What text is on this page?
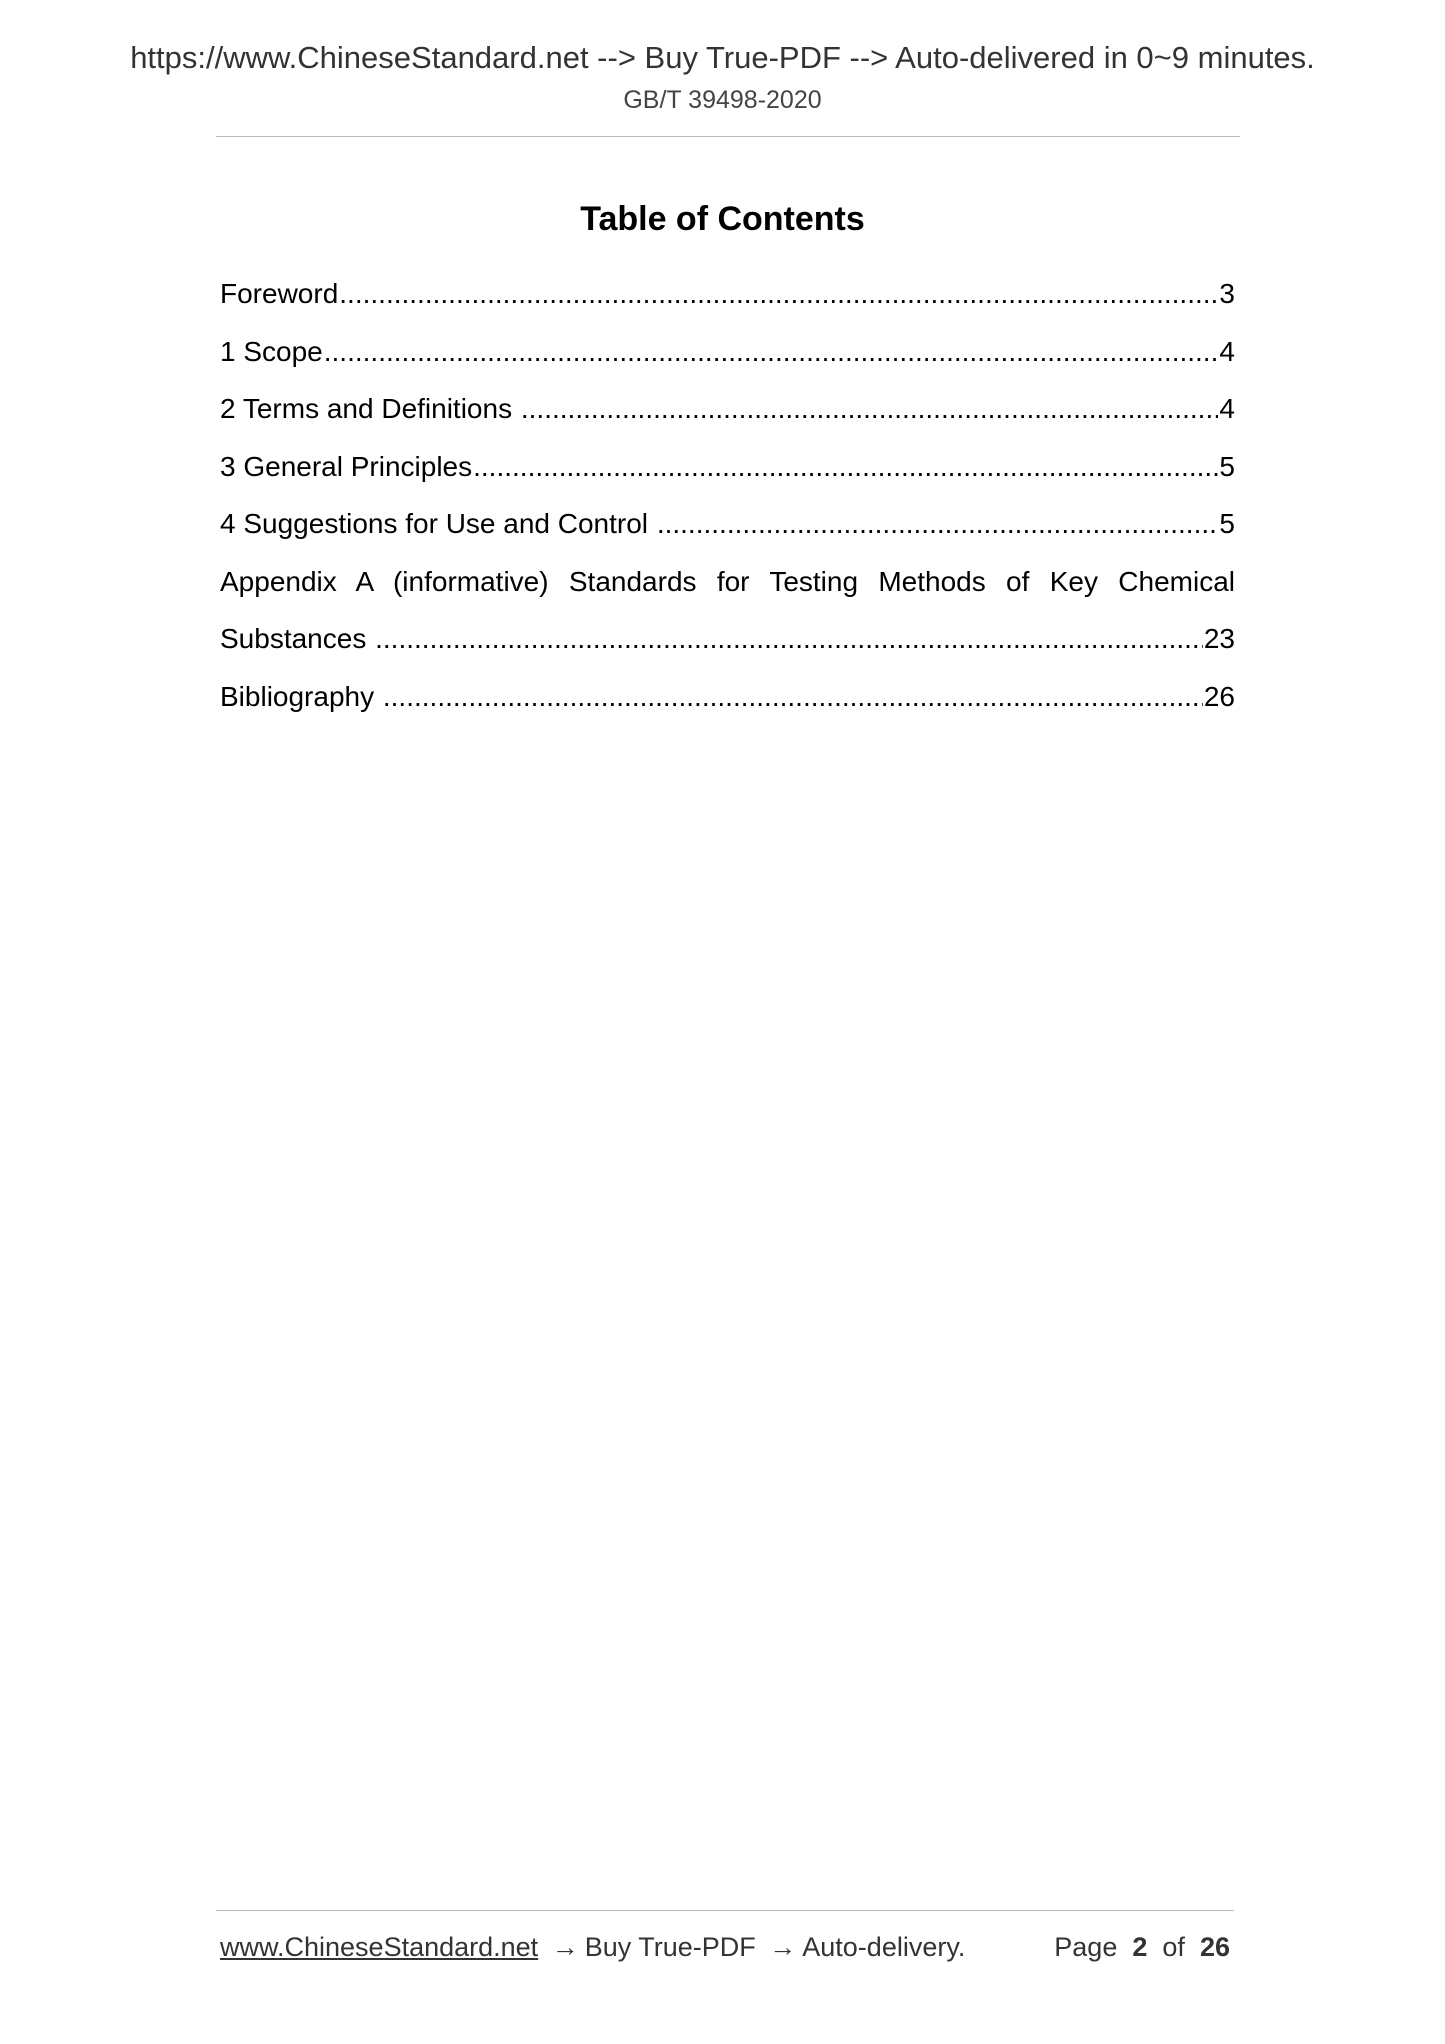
https://www.ChineseStandard.net --> Buy True-PDF --> Auto-delivered in 0~9 minutes.
GB/T 39498-2020
Table of Contents
Foreword .....	3
1 Scope .....	4
2 Terms and Definitions .....	4
3 General Principles .....	5
4 Suggestions for Use and Control .....	5
Appendix A (informative) Standards for Testing Methods of Key Chemical
Substances .....	23
Bibliography .....	26
www.ChineseStandard.net → Buy True-PDF → Auto-delivery.	Page 2 of 26
